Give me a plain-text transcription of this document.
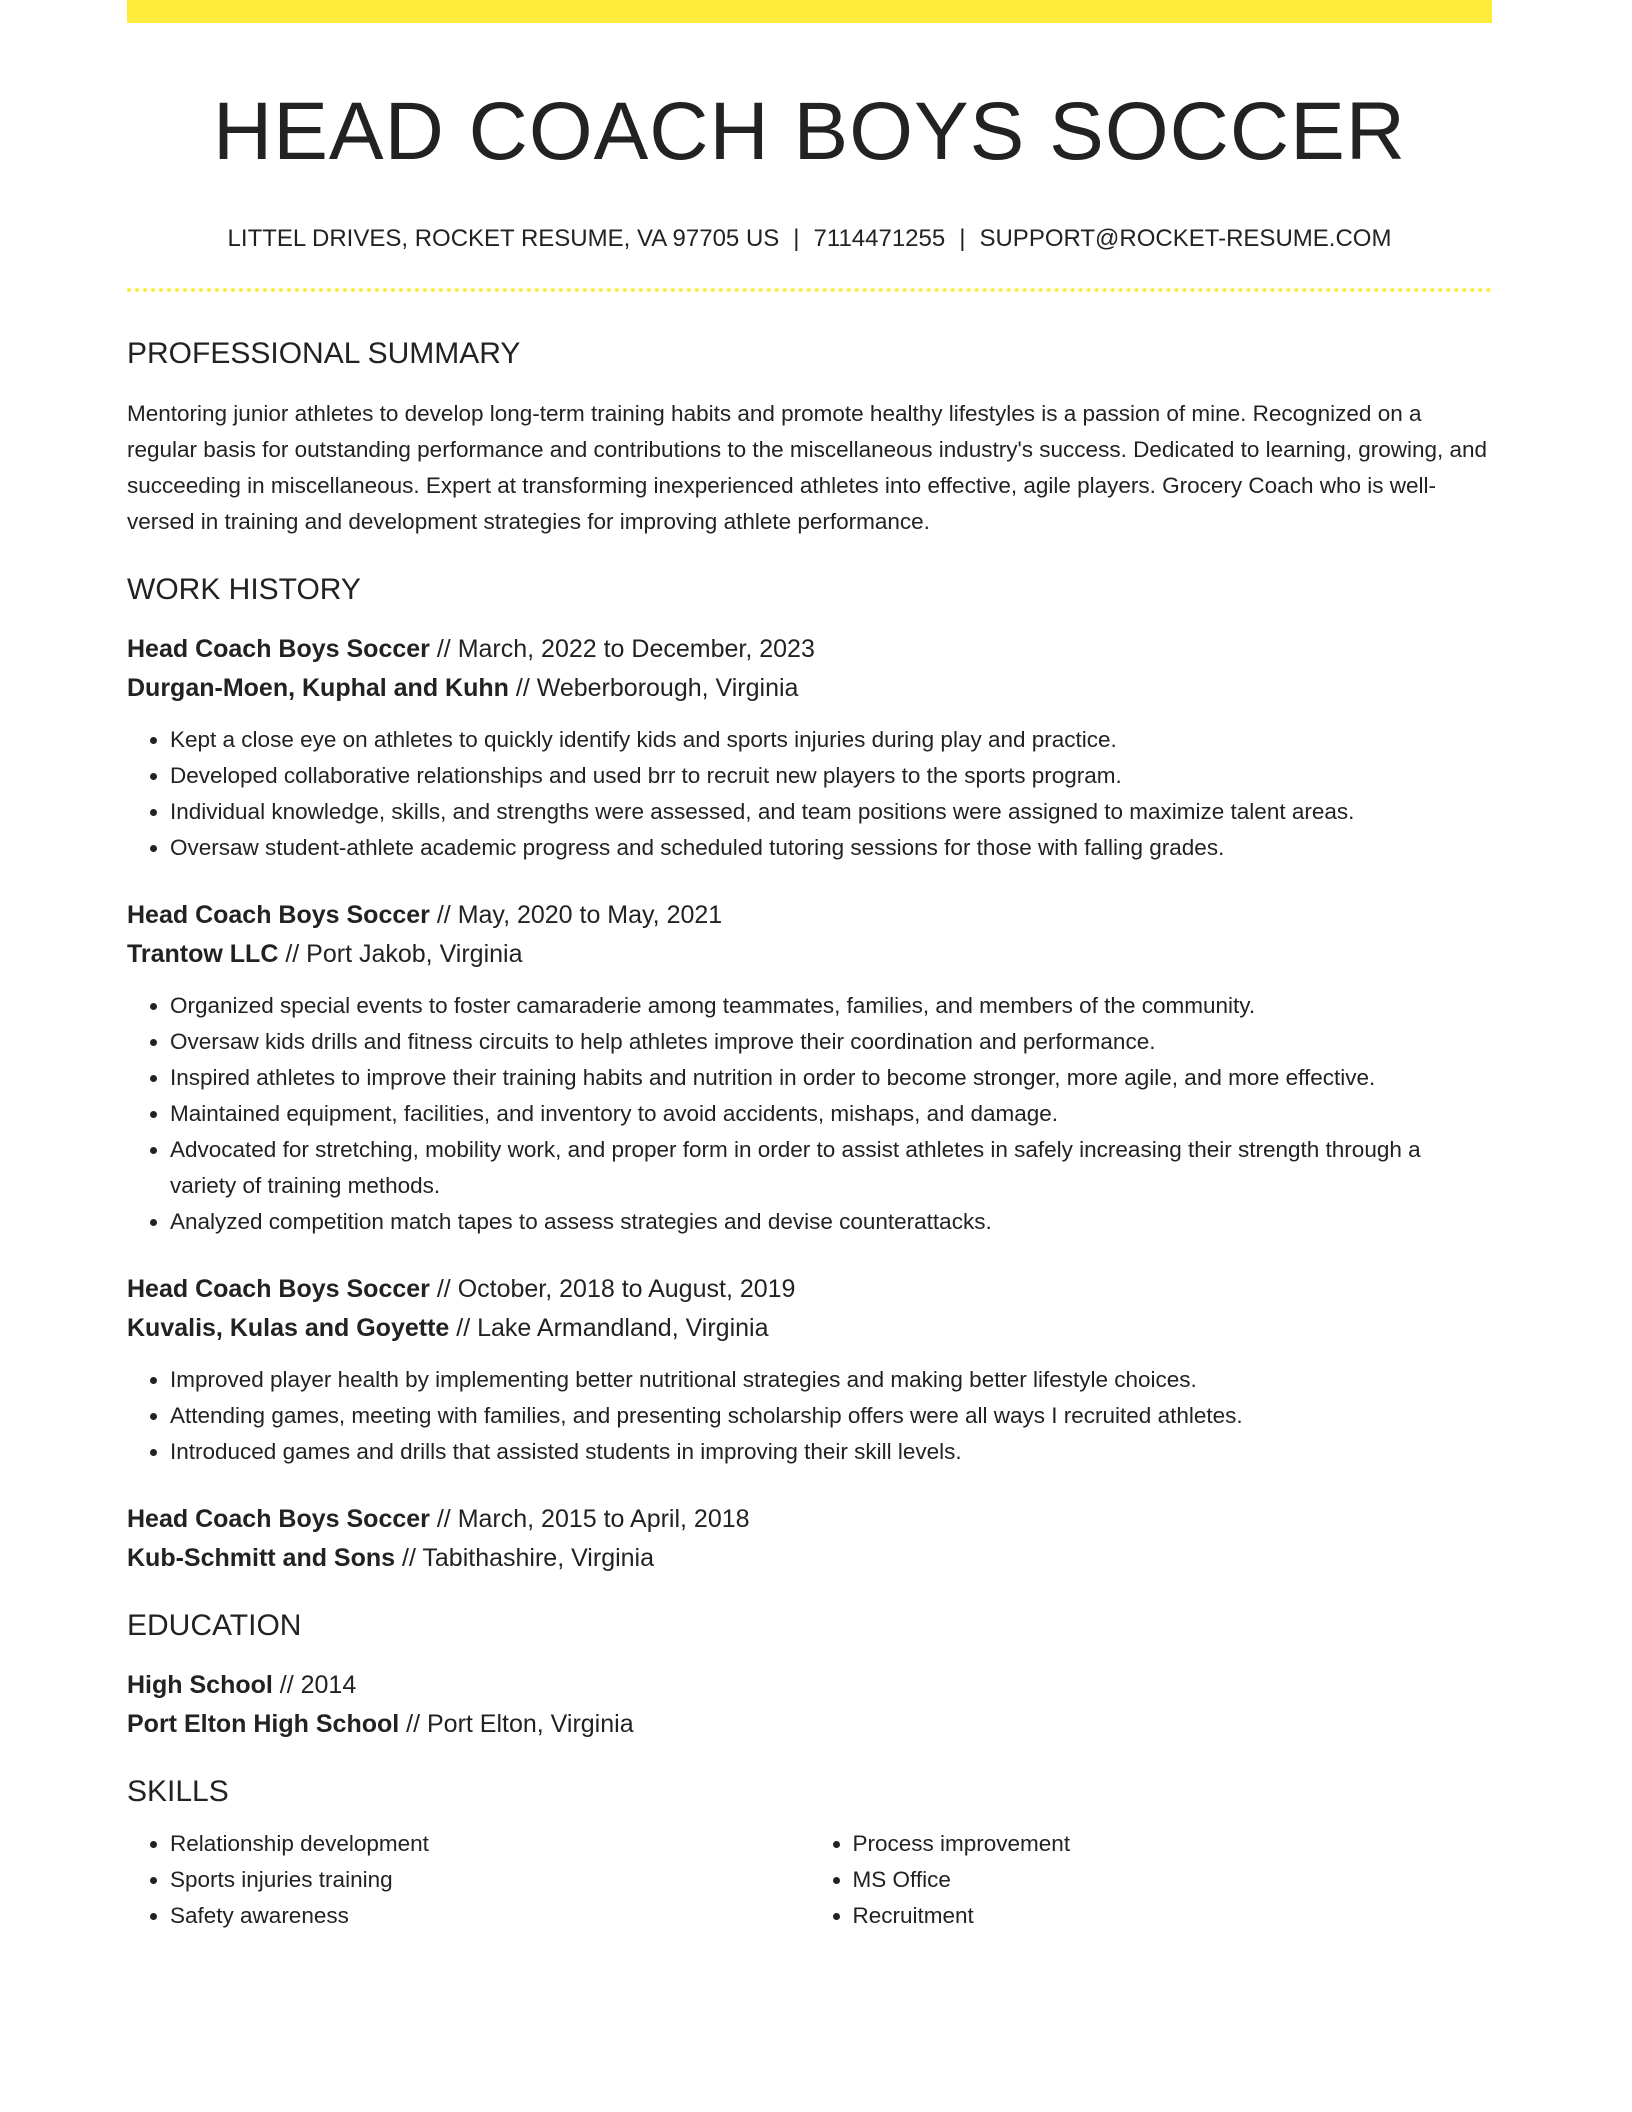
HEAD COACH BOYS SOCCER
LITTEL DRIVES, ROCKET RESUME, VA 97705 US | 7114471255 | SUPPORT@ROCKET-RESUME.COM
PROFESSIONAL SUMMARY
Mentoring junior athletes to develop long-term training habits and promote healthy lifestyles is a passion of mine. Recognized on a regular basis for outstanding performance and contributions to the miscellaneous industry's success. Dedicated to learning, growing, and succeeding in miscellaneous. Expert at transforming inexperienced athletes into effective, agile players. Grocery Coach who is well-versed in training and development strategies for improving athlete performance.
WORK HISTORY
Head Coach Boys Soccer // March, 2022 to December, 2023
Durgan-Moen, Kuphal and Kuhn // Weberborough, Virginia
• Kept a close eye on athletes to quickly identify kids and sports injuries during play and practice.
• Developed collaborative relationships and used brr to recruit new players to the sports program.
• Individual knowledge, skills, and strengths were assessed, and team positions were assigned to maximize talent areas.
• Oversaw student-athlete academic progress and scheduled tutoring sessions for those with falling grades.
Head Coach Boys Soccer // May, 2020 to May, 2021
Trantow LLC // Port Jakob, Virginia
• Organized special events to foster camaraderie among teammates, families, and members of the community.
• Oversaw kids drills and fitness circuits to help athletes improve their coordination and performance.
• Inspired athletes to improve their training habits and nutrition in order to become stronger, more agile, and more effective.
• Maintained equipment, facilities, and inventory to avoid accidents, mishaps, and damage.
• Advocated for stretching, mobility work, and proper form in order to assist athletes in safely increasing their strength through a variety of training methods.
• Analyzed competition match tapes to assess strategies and devise counterattacks.
Head Coach Boys Soccer // October, 2018 to August, 2019
Kuvalis, Kulas and Goyette // Lake Armandland, Virginia
• Improved player health by implementing better nutritional strategies and making better lifestyle choices.
• Attending games, meeting with families, and presenting scholarship offers were all ways I recruited athletes.
• Introduced games and drills that assisted students in improving their skill levels.
Head Coach Boys Soccer // March, 2015 to April, 2018
Kub-Schmitt and Sons // Tabithashire, Virginia
EDUCATION
High School // 2014
Port Elton High School // Port Elton, Virginia
SKILLS
• Relationship development
• Sports injuries training
• Safety awareness
• Process improvement
• MS Office
• Recruitment
